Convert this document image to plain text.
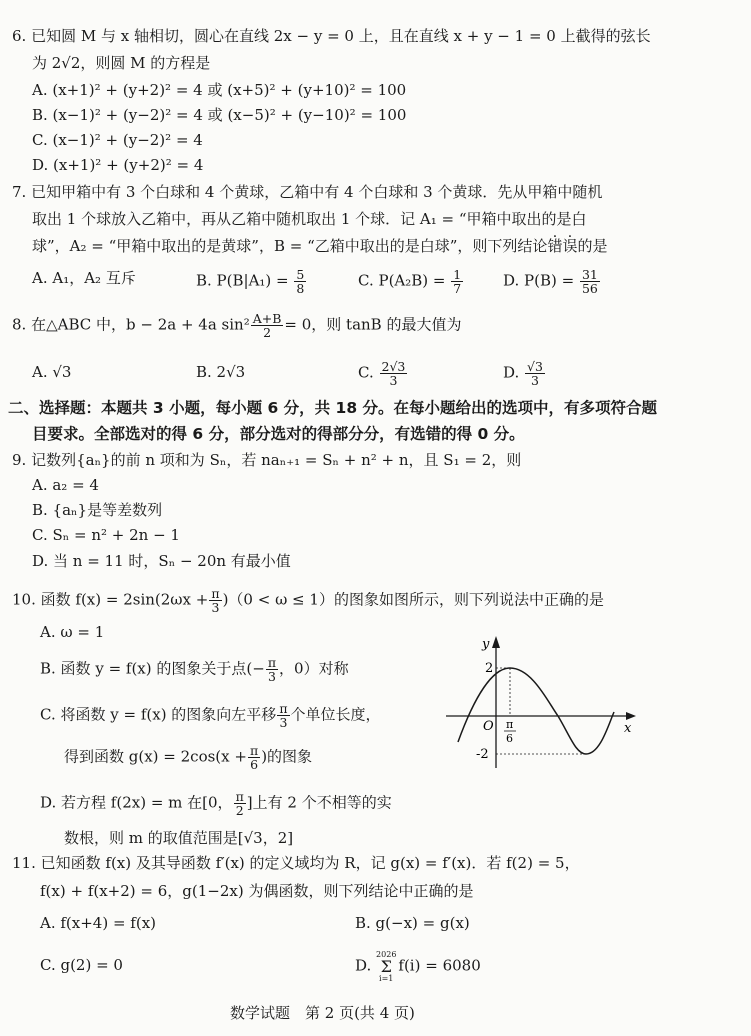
6. 已知圆 M 与 x 轴相切，圆心在直线 2x − y = 0 上，且在直线 x + y − 1 = 0 上截得的弦长
为 2√2，则圆 M 的方程是
A. (x+1)² + (y+2)² = 4 或 (x+5)² + (y+10)² = 100
B. (x−1)² + (y−2)² = 4 或 (x−5)² + (y−10)² = 100
C. (x−1)² + (y−2)² = 4
D. (x+1)² + (y+2)² = 4
7. 已知甲箱中有 3 个白球和 4 个黄球，乙箱中有 4 个白球和 3 个黄球．先从甲箱中随机
取出 1 个球放入乙箱中，再从乙箱中随机取出 1 个球．记 A₁ = “甲箱中取出的是白
球”，A₂ = “甲箱中取出的是黄球”，B = “乙箱中取出的是白球”，则下列结论错误的是
A. A₁，A₂ 互斥	B. $P(B|A_1) = \frac{5}{8}$	C. $P(A_2B) = \frac{1}{7}$	D. $P(B) = \frac{31}{56}$
8. 在△ABC 中，b − 2a + 4a $\sin^2 \frac{A+B}{2} = 0$，则 tanB 的最大值为
A. √3	B. 2√3	C. $\frac{2√3}{3}$	D. $\frac{√3}{3}$
二、选择题：本题共 3 小题，每小题 6 分，共 18 分。在每小题给出的选项中，有多项符合题
目要求。全部选对的得 6 分，部分选对的得部分分，有选错的得 0 分。
9. 记数列{aₙ}的前 n 项和为 Sₙ，若 naₙ₊₁ = Sₙ + n² + n，且 S₁ = 2，则
A. a₂ = 4
B. {aₙ}是等差数列
C. Sₙ = n² + 2n − 1
D. 当 n = 11 时，Sₙ − 20n 有最小值
10. 函数 $f(x) = 2\sin(2\omega x + \frac{\pi}{3} )(0 < \omega \le 1)$的图象如图所示，则下列说法中正确的是
A. ω = 1
B. 函数 y = f(x) 的图象关于点(− $\frac{\pi}{3}$ ，0）对称
C. 将函数 y = f(x) 的图象向左平移 $\frac{\pi}{3}$ 个单位长度，
得到函数 $g(x) = 2\cos(x + \frac{\pi}{6}$ )的图象
D. 若方程 f(2x) = m 在[0， $\frac{\pi}{2}$ ]上有 2 个不相等的实
数根，则 m 的取值范围是[√3，2]
y
x
O
2
-2
π
6
11. 已知函数 f(x) 及其导函数 f′(x) 的定义域均为 R，记 g(x) = f′(x)．若 f(2) = 5，
f(x) + f(x+2) = 6，g(1−2x) 为偶函数，则下列结论中正确的是
A. f(x+4) = f(x)	B. g(−x) = g(x)
C. g(2) = 0	D. 2026
Σ
i=1f(i) = 6080
数学试题　第 2 页(共 4 页)
